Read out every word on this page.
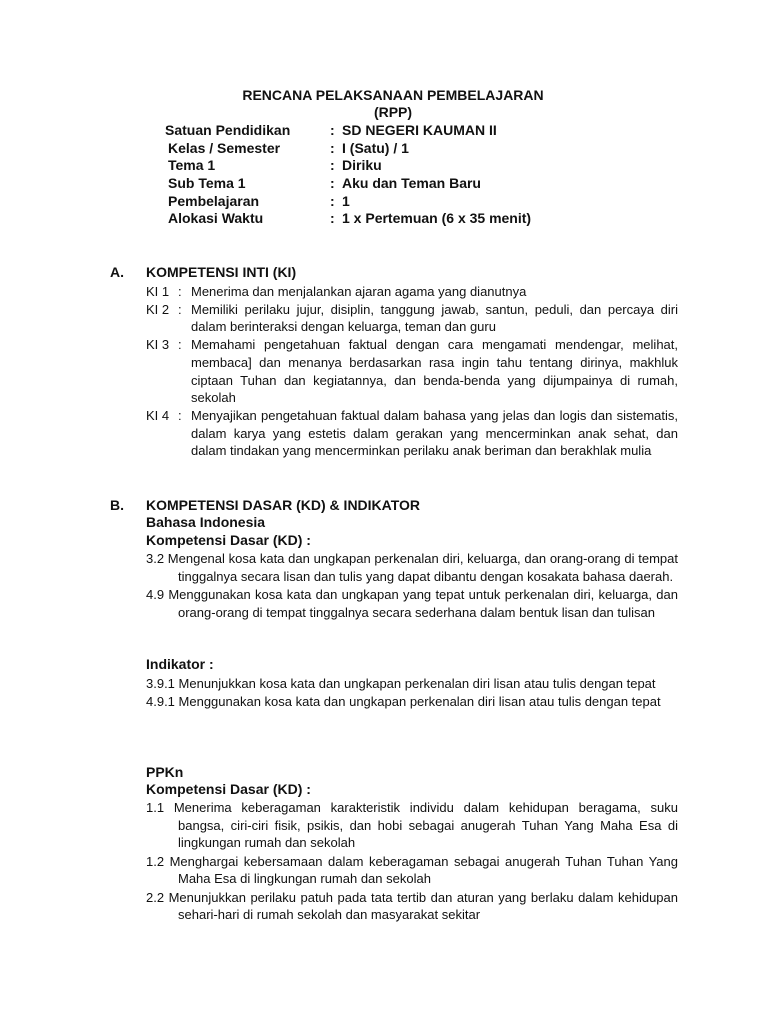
RENCANA PELAKSANAAN PEMBELAJARAN
(RPP)
Satuan Pendidikan	: SD NEGERI KAUMAN II
Kelas / Semester	: I (Satu) / 1
Tema 1	: Diriku
Sub Tema 1	: Aku dan Teman Baru
Pembelajaran	: 1
Alokasi Waktu	: 1 x Pertemuan (6 x 35 menit)
A. KOMPETENSI INTI (KI)
KI 1 : Menerima dan menjalankan ajaran agama yang dianutnya
KI 2 : Memiliki perilaku jujur, disiplin, tanggung jawab, santun, peduli, dan percaya diri dalam berinteraksi dengan keluarga, teman dan guru
KI 3 : Memahami pengetahuan faktual dengan cara mengamati mendengar, melihat, membaca] dan menanya berdasarkan rasa ingin tahu tentang dirinya, makhluk ciptaan Tuhan dan kegiatannya, dan benda-benda yang dijumpainya di rumah, sekolah
KI 4 : Menyajikan pengetahuan faktual dalam bahasa yang jelas dan logis dan sistematis, dalam karya yang estetis dalam gerakan yang mencerminkan anak sehat, dan dalam tindakan yang mencerminkan perilaku anak beriman dan berakhlak mulia
B. KOMPETENSI DASAR (KD) & INDIKATOR
Bahasa Indonesia
Kompetensi Dasar (KD) :
3.2 Mengenal kosa kata dan ungkapan perkenalan diri, keluarga, dan orang-orang di tempat tinggalnya secara lisan dan tulis yang dapat dibantu dengan kosakata bahasa daerah.
4.9 Menggunakan kosa kata dan ungkapan yang tepat untuk perkenalan diri, keluarga, dan orang-orang di tempat tinggalnya secara sederhana dalam bentuk lisan dan tulisan
Indikator :
3.9.1 Menunjukkan kosa kata dan ungkapan perkenalan diri lisan atau tulis dengan tepat
4.9.1 Menggunakan kosa kata dan ungkapan perkenalan diri lisan atau tulis dengan tepat
PPKn
Kompetensi Dasar (KD) :
1.1 Menerima keberagaman karakteristik individu dalam kehidupan beragama, suku bangsa, ciri-ciri fisik, psikis, dan hobi sebagai anugerah Tuhan Yang Maha Esa di lingkungan rumah dan sekolah
1.2 Menghargai kebersamaan dalam keberagaman sebagai anugerah Tuhan Tuhan Yang Maha Esa di lingkungan rumah dan sekolah
2.2 Menunjukkan perilaku patuh pada tata tertib dan aturan yang berlaku dalam kehidupan sehari-hari di rumah sekolah dan masyarakat sekitar
